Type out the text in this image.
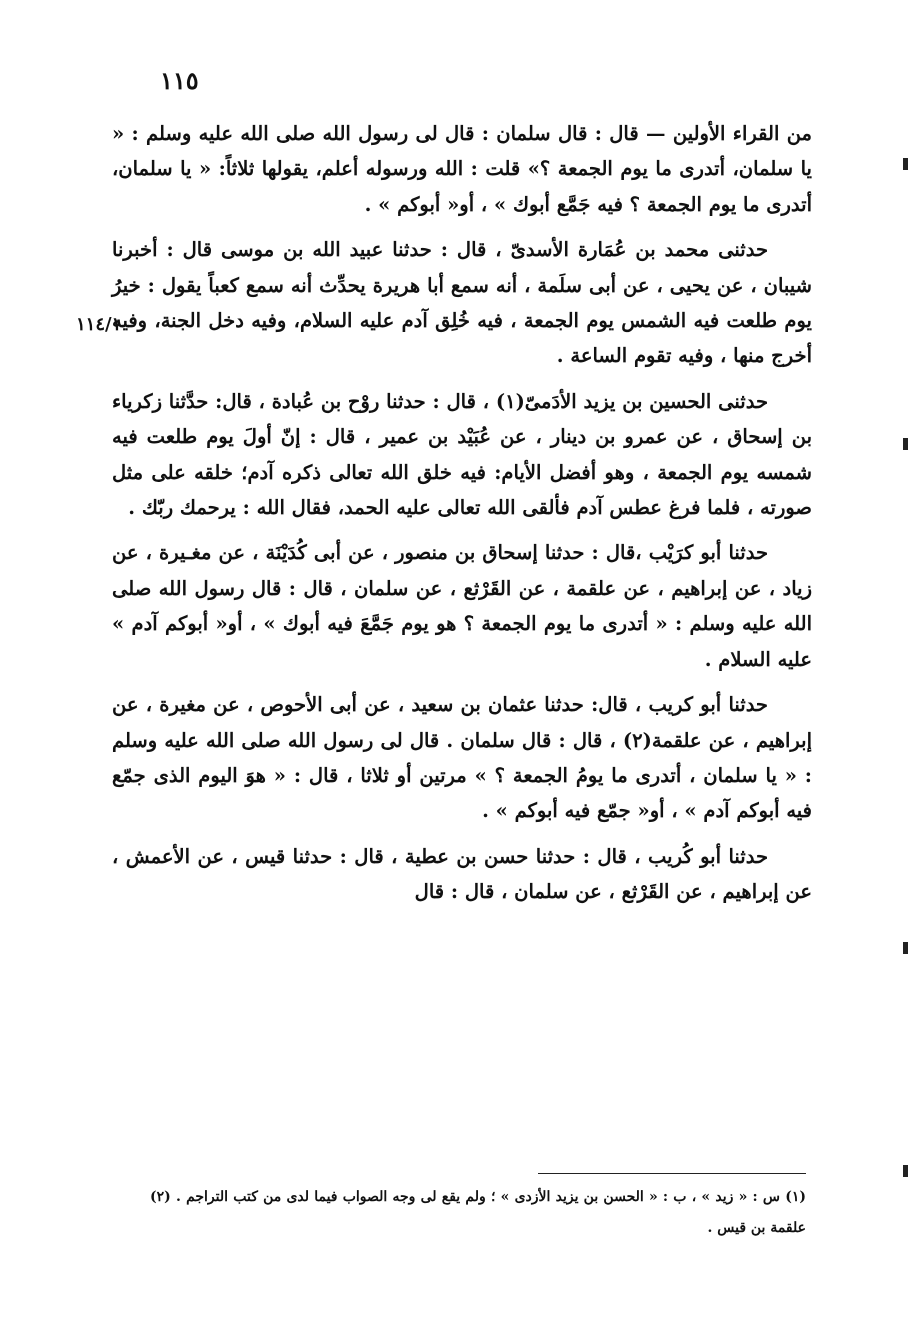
١١٥
١١٤/١

من القراء الأولين — قال : قال سلمان : قال لى رسول الله صلى الله عليه وسلم : « يا سلمان، أتدرى ما يوم الجمعة ؟» قلت : الله ورسوله أعلم، يقولها ثلاثاً: « يا سلمان، أتدرى ما يوم الجمعة ؟ فيه جَمَّع أبوك » ، أو« أبوكم » .

حدثنى محمد بن عُمَارة الأسدىّ ، قال : حدثنا عبيد الله بن موسى قال : أخبرنا شيبان ، عن يحيى ، عن أبى سلَمة ، أنه سمع أبا هريرة يحدِّث أنه سمع كعباً يقول : خيرُ يوم طلعت فيه الشمس يوم الجمعة ، فيه خُلِق آدم عليه السلام، وفيه دخل الجنة، وفيه أخرج منها ، وفيه تقوم الساعة .

حدثنى الحسين بن يزيد الأدَمىّ(١) ، قال : حدثنا روْح بن عُبادة ، قال: حدَّثنا زكرياء بن إسحاق ، عن عمرو بن دينار ، عن عُبَيْد بن عمير ، قال : إنّ أولَ يوم طلعت فيه شمسه يوم الجمعة ، وهو أفضل الأيام: فيه خلق الله تعالى ذكره آدم؛ خلقه على مثل صورته ، فلما فرغ عطس آدم فألقى الله تعالى عليه الحمد، فقال الله : يرحمك ربّك .

حدثنا أبو كرَيْب ،قال : حدثنا إسحاق بن منصور ، عن أبى كُدَيْنَة ، عن مغـيرة ، عن زياد ، عن إبراهيم ، عن علقمة ، عن القَرْثع ، عن سلمان ، قال : قال رسول الله صلى الله عليه وسلم : « أتدرى ما يوم الجمعة ؟ هو يوم جَمَّعَ فيه أبوك » ، أو« أبوكم آدم » عليه السلام .

حدثنا أبو كريب ، قال: حدثنا عثمان بن سعيد ، عن أبى الأحوص ، عن مغيرة ، عن إبراهيم ، عن علقمة(٢) ، قال : قال سلمان . قال لى رسول الله صلى الله عليه وسلم : « يا سلمان ، أتدرى ما يومُ الجمعة ؟ » مرتين أو ثلاثا ، قال : « هوَ اليوم الذى جمّع فيه أبوكم آدم » ، أو« جمّع فيه أبوكم » .

حدثنا أبو كُريب ، قال : حدثنا حسن بن عطية ، قال : حدثنا قيس ، عن الأعمش ، عن إبراهيم ، عن القَرْثع ، عن سلمان ، قال : قال

(١) س : « زيد » ، ب : « الحسن بن يزيد الأزدى » ؛ ولم يقع لى وجه الصواب فيما لدى من كتب التراجم . (٢) علقمة بن قيس .
